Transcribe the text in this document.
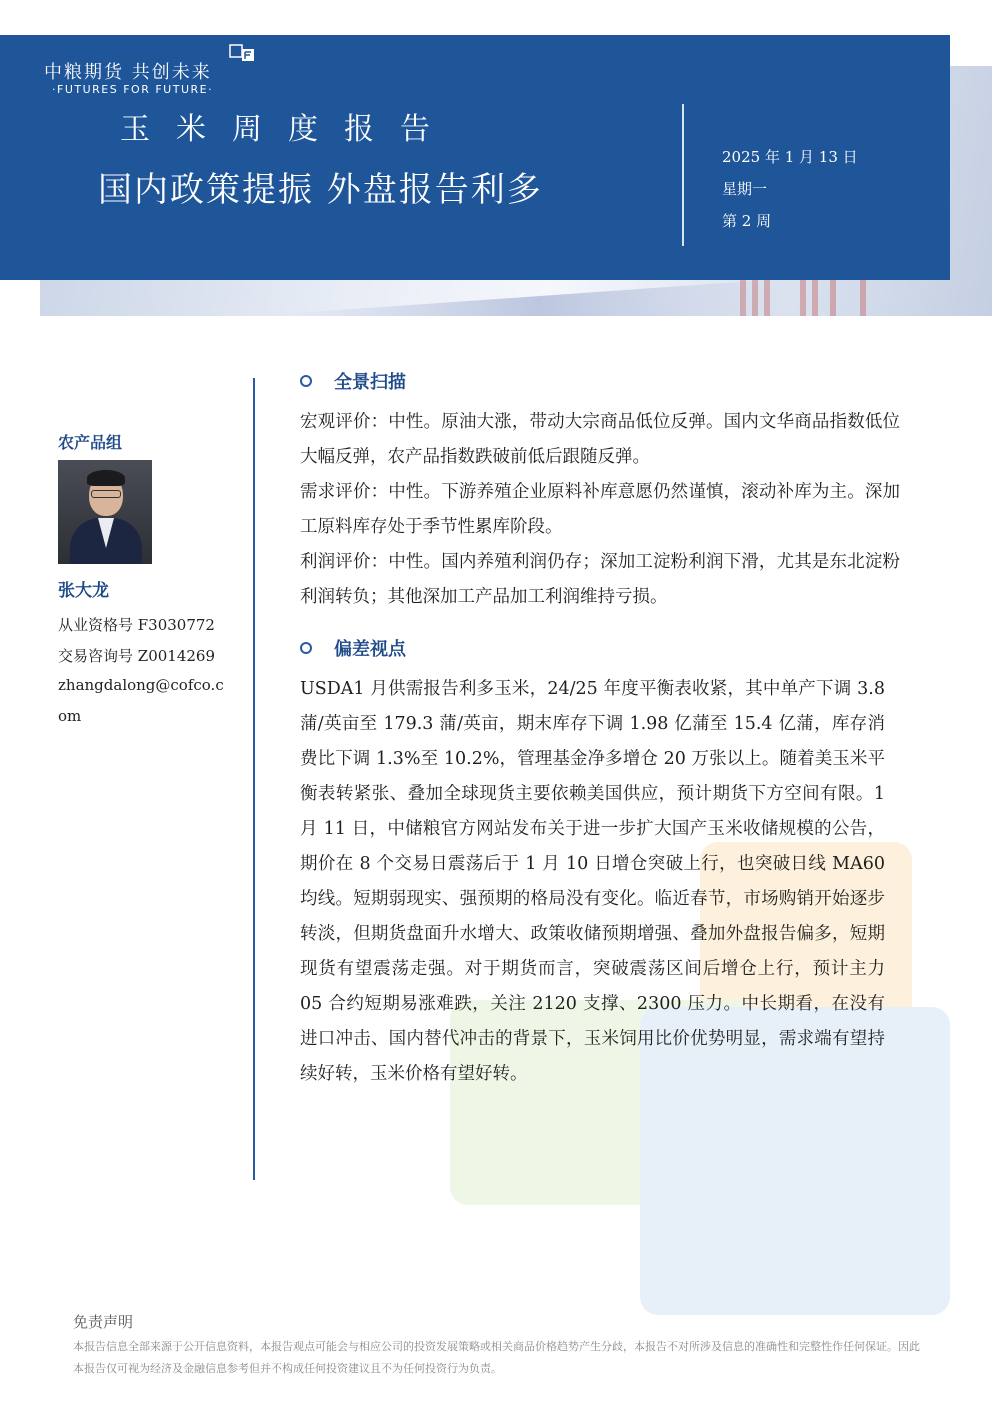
中粮期货 共创未来
·FUTURES FOR FUTURE·
玉米周度报告
国内政策提振 外盘报告利多
2025 年 1 月 13 日
星期一
第 2 周
农产品组
张大龙
从业资格号 F3030772
交易咨询号 Z0014269
zhangdalong@cofco.c
om
全景扫描

宏观评价：中性。原油大涨，带动大宗商品低位反弹。国内文华商品指数低位大幅反弹，农产品指数跌破前低后跟随反弹。

需求评价：中性。下游养殖企业原料补库意愿仍然谨慎，滚动补库为主。深加工原料库存处于季节性累库阶段。

利润评价：中性。国内养殖利润仍存；深加工淀粉利润下滑，尤其是东北淀粉利润转负；其他深加工产品加工利润维持亏损。

偏差视点

USDA1 月供需报告利多玉米，24/25 年度平衡表收紧，其中单产下调 3.8 蒲/英亩至 179.3 蒲/英亩，期末库存下调 1.98 亿蒲至 15.4 亿蒲，库存消费比下调 1.3%至 10.2%，管理基金净多增仓 20 万张以上。随着美玉米平衡表转紧张、叠加全球现货主要依赖美国供应，预计期货下方空间有限。1 月 11 日，中储粮官方网站发布关于进一步扩大国产玉米收储规模的公告，期价在 8 个交易日震荡后于 1 月 10 日增仓突破上行，也突破日线 MA60 均线。短期弱现实、强预期的格局没有变化。临近春节，市场购销开始逐步转淡，但期货盘面升水增大、政策收储预期增强、叠加外盘报告偏多，短期现货有望震荡走强。对于期货而言，突破震荡区间后增仓上行，预计主力 05 合约短期易涨难跌，关注 2120 支撑、2300 压力。中长期看，在没有进口冲击、国内替代冲击的背景下，玉米饲用比价优势明显，需求端有望持续好转，玉米价格有望好转。

免责声明
本报告信息全部来源于公开信息资料，本报告观点可能会与相应公司的投资发展策略或相关商品价格趋势产生分歧，本报告不对所涉及信息的准确性和完整性作任何保证。因此本报告仅可视为经济及金融信息参考但并不构成任何投资建议且不为任何投资行为负责。
